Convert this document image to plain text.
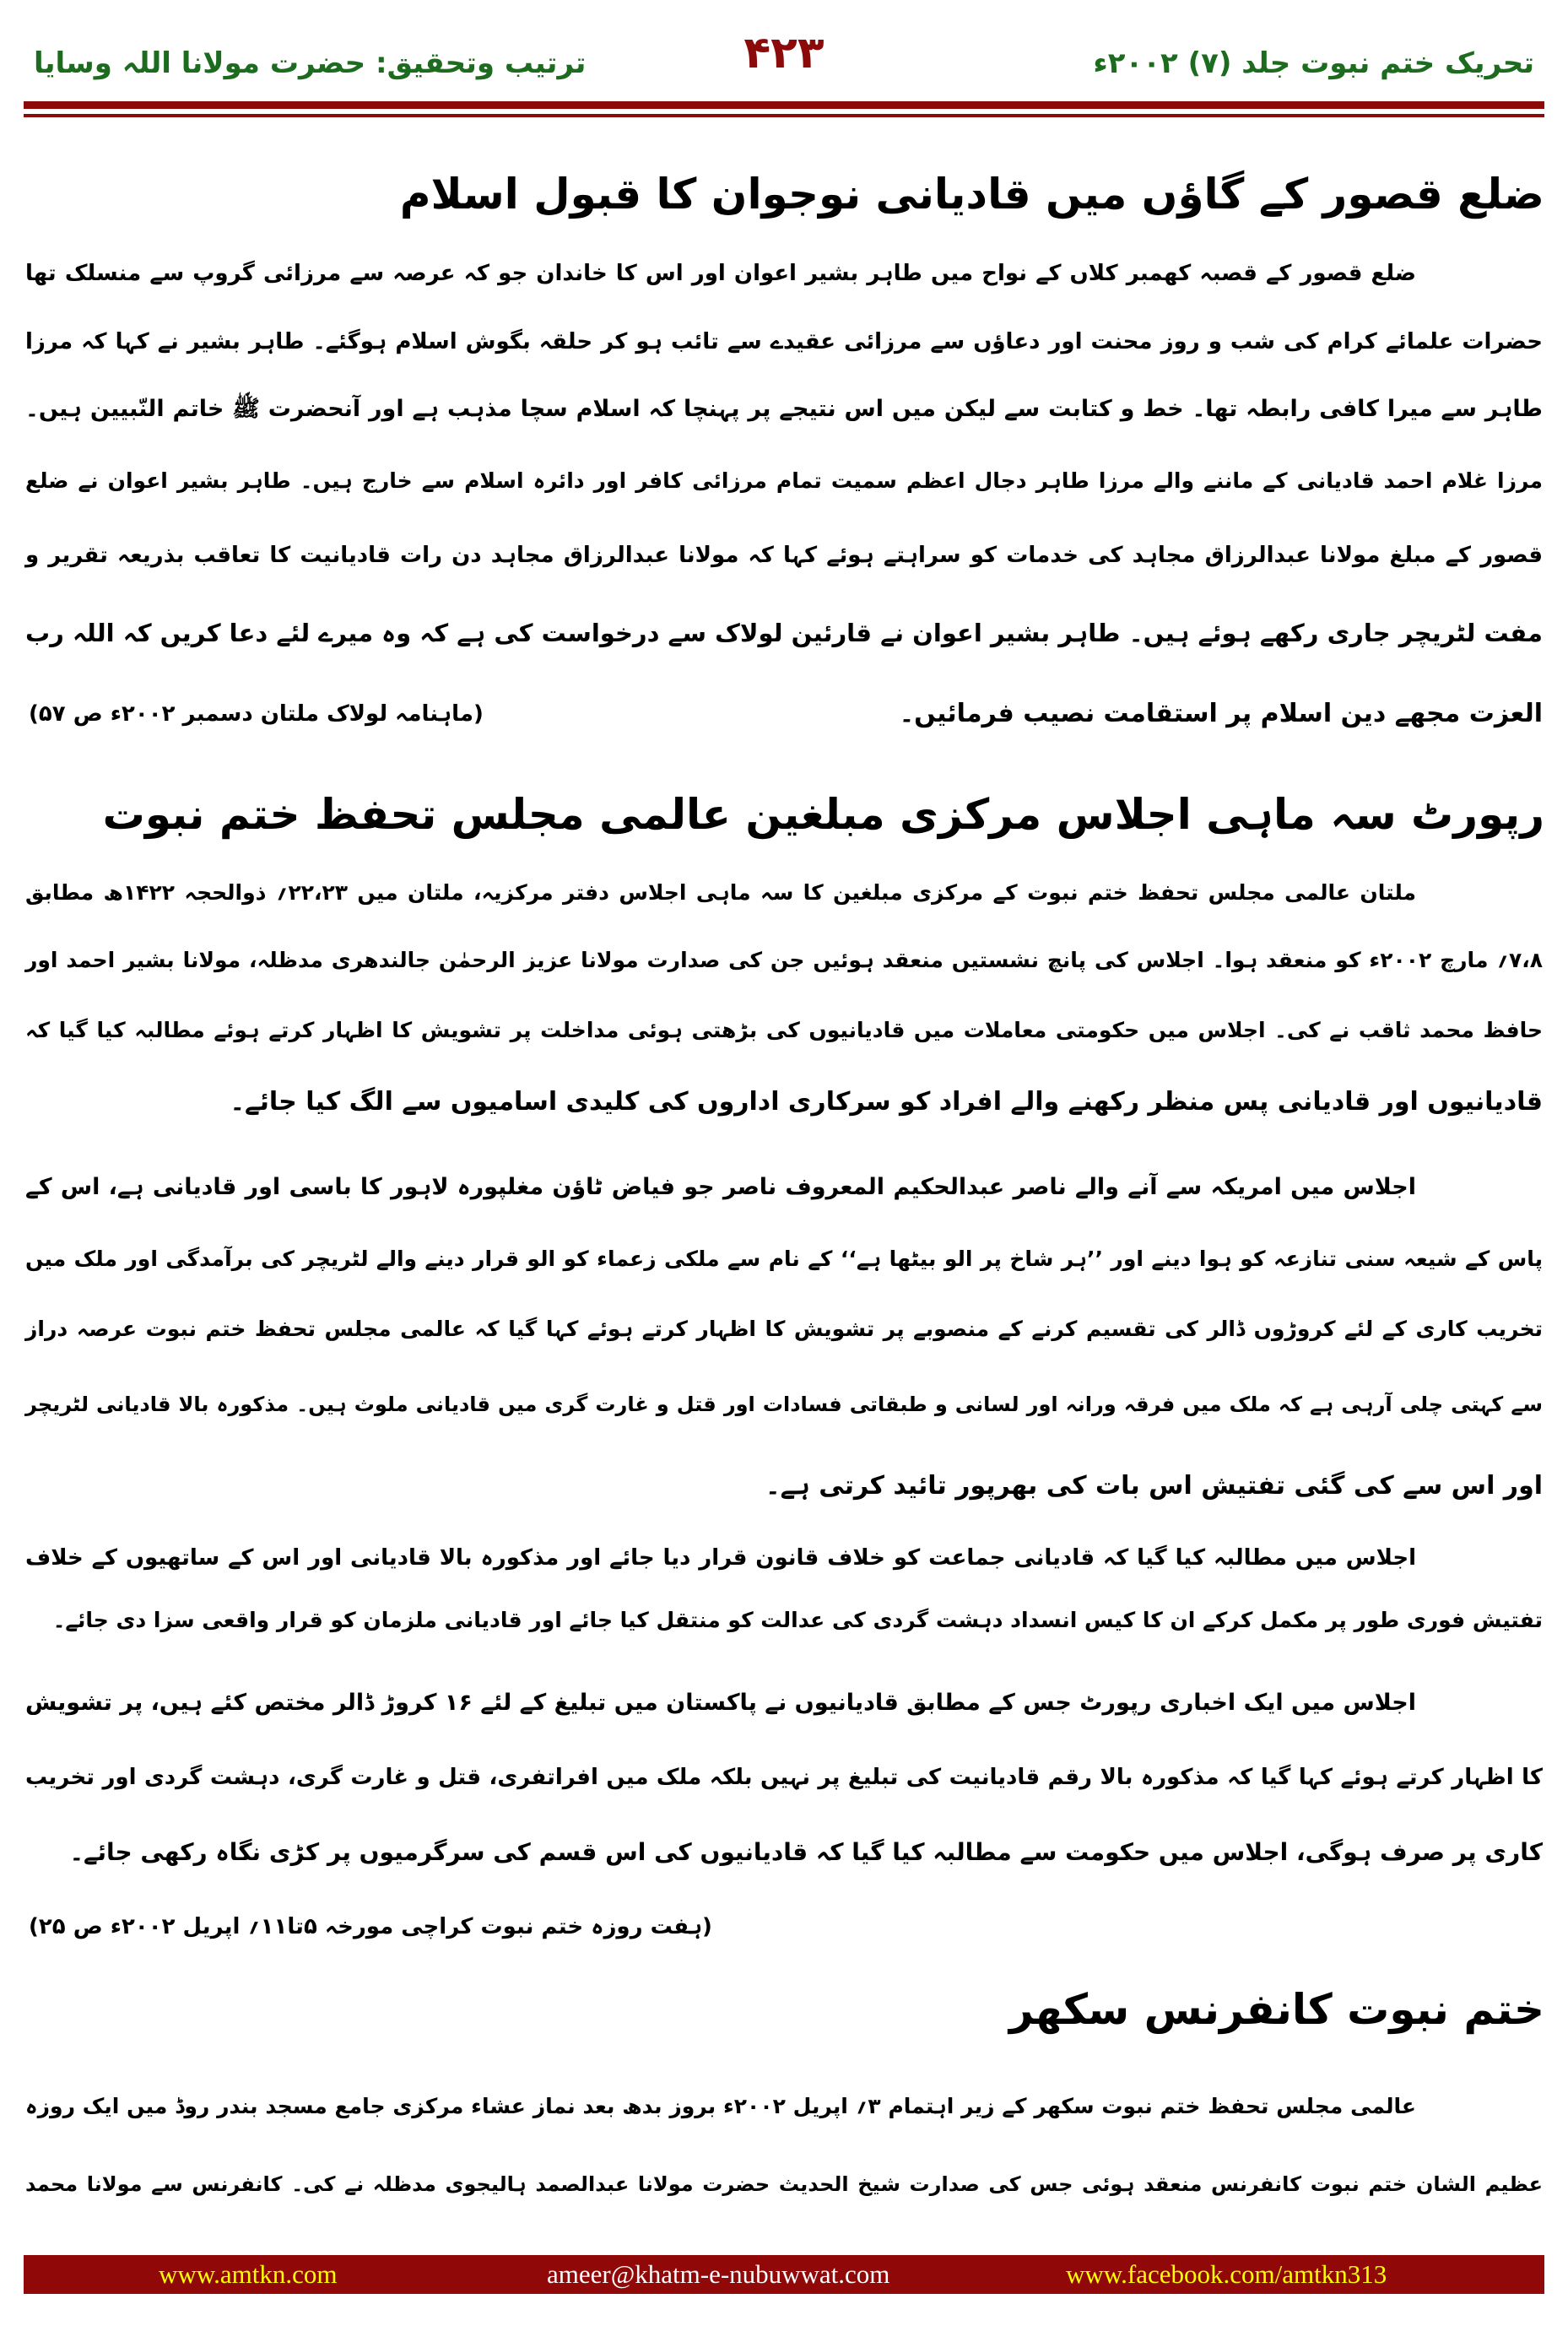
تحریک ختم نبوت جلد (۷) ۲۰۰۲ء
۴۲۳
ترتیب وتحقیق: حضرت مولانا اللہ وسایا
ضلع قصور کے گاؤں میں قادیانی نوجوان کا قبول اسلام
ضلع قصور کے قصبہ کھمبر کلاں کے نواح میں طاہر بشیر اعوان اور اس کا خاندان جو کہ عرصہ سے مرزائی گروپ سے منسلک تھا
حضرات علمائے کرام کی شب و روز محنت اور دعاؤں سے مرزائی عقیدے سے تائب ہو کر حلقہ بگوش اسلام ہوگئے۔ طاہر بشیر نے کہا کہ مرزا
طاہر سے میرا کافی رابطہ تھا۔ خط و کتابت سے لیکن میں اس نتیجے پر پہنچا کہ اسلام سچا مذہب ہے اور آنحضرت ﷺ خاتم النّبیین ہیں۔
مرزا غلام احمد قادیانی کے ماننے والے مرزا طاہر دجال اعظم سمیت تمام مرزائی کافر اور دائرہ اسلام سے خارج ہیں۔ طاہر بشیر اعوان نے ضلع
قصور کے مبلغ مولانا عبدالرزاق مجاہد کی خدمات کو سراہتے ہوئے کہا کہ مولانا عبدالرزاق مجاہد دن رات قادیانیت کا تعاقب بذریعہ تقریر و
مفت لٹریچر جاری رکھے ہوئے ہیں۔ طاہر بشیر اعوان نے قارئین لولاک سے درخواست کی ہے کہ وہ میرے لئے دعا کریں کہ اللہ رب
العزت مجھے دین اسلام پر استقامت نصیب فرمائیں۔
(ماہنامہ لولاک ملتان دسمبر ۲۰۰۲ء ص ۵۷)
رپورٹ سہ ماہی اجلاس مرکزی مبلغین عالمی مجلس تحفظ ختم نبوت
ملتان عالمی مجلس تحفظ ختم نبوت کے مرکزی مبلغین کا سہ ماہی اجلاس دفتر مرکزیہ، ملتان میں ۲۲،۲۳؍ ذوالحجہ ۱۴۲۲ھ مطابق
۷،۸؍ مارچ ۲۰۰۲ء کو منعقد ہوا۔ اجلاس کی پانچ نشستیں منعقد ہوئیں جن کی صدارت مولانا عزیز الرحمٰن جالندھری مدظلہ، مولانا بشیر احمد اور
حافظ محمد ثاقب نے کی۔ اجلاس میں حکومتی معاملات میں قادیانیوں کی بڑھتی ہوئی مداخلت پر تشویش کا اظہار کرتے ہوئے مطالبہ کیا گیا کہ
قادیانیوں اور قادیانی پس منظر رکھنے والے افراد کو سرکاری اداروں کی کلیدی اسامیوں سے الگ کیا جائے۔
اجلاس میں امریکہ سے آنے والے ناصر عبدالحکیم المعروف ناصر جو فیاض ٹاؤن مغلپورہ لاہور کا باسی اور قادیانی ہے، اس کے
پاس کے شیعہ سنی تنازعہ کو ہوا دینے اور ’’ہر شاخ پر الو بیٹھا ہے‘‘ کے نام سے ملکی زعماء کو الو قرار دینے والے لٹریچر کی برآمدگی اور ملک میں
تخریب کاری کے لئے کروڑوں ڈالر کی تقسیم کرنے کے منصوبے پر تشویش کا اظہار کرتے ہوئے کہا گیا کہ عالمی مجلس تحفظ ختم نبوت عرصہ دراز
سے کہتی چلی آرہی ہے کہ ملک میں فرقہ ورانہ اور لسانی و طبقاتی فسادات اور قتل و غارت گری میں قادیانی ملوث ہیں۔ مذکورہ بالا قادیانی لٹریچر
اور اس سے کی گئی تفتیش اس بات کی بھرپور تائید کرتی ہے۔
اجلاس میں مطالبہ کیا گیا کہ قادیانی جماعت کو خلاف قانون قرار دیا جائے اور مذکورہ بالا قادیانی اور اس کے ساتھیوں کے خلاف
تفتیش فوری طور پر مکمل کرکے ان کا کیس انسداد دہشت گردی کی عدالت کو منتقل کیا جائے اور قادیانی ملزمان کو قرار واقعی سزا دی جائے۔
اجلاس میں ایک اخباری رپورٹ جس کے مطابق قادیانیوں نے پاکستان میں تبلیغ کے لئے ۱۶ کروڑ ڈالر مختص کئے ہیں، پر تشویش
کا اظہار کرتے ہوئے کہا گیا کہ مذکورہ بالا رقم قادیانیت کی تبلیغ پر نہیں بلکہ ملک میں افراتفری، قتل و غارت گری، دہشت گردی اور تخریب
کاری پر صرف ہوگی، اجلاس میں حکومت سے مطالبہ کیا گیا کہ قادیانیوں کی اس قسم کی سرگرمیوں پر کڑی نگاہ رکھی جائے۔
(ہفت روزہ ختم نبوت کراچی مورخہ ۵تا۱۱؍ اپریل ۲۰۰۲ء ص ۲۵)
ختم نبوت کانفرنس سکھر
عالمی مجلس تحفظ ختم نبوت سکھر کے زیر اہتمام ۳؍ اپریل ۲۰۰۲ء بروز بدھ بعد نماز عشاء مرکزی جامع مسجد بندر روڈ میں ایک روزہ
عظیم الشان ختم نبوت کانفرنس منعقد ہوئی جس کی صدارت شیخ الحدیث حضرت مولانا عبدالصمد ہالیجوی مدظلہ نے کی۔ کانفرنس سے مولانا محمد
www.amtkn.com	ameer@khatm-e-nubuwwat.com	www.facebook.com/amtkn313
